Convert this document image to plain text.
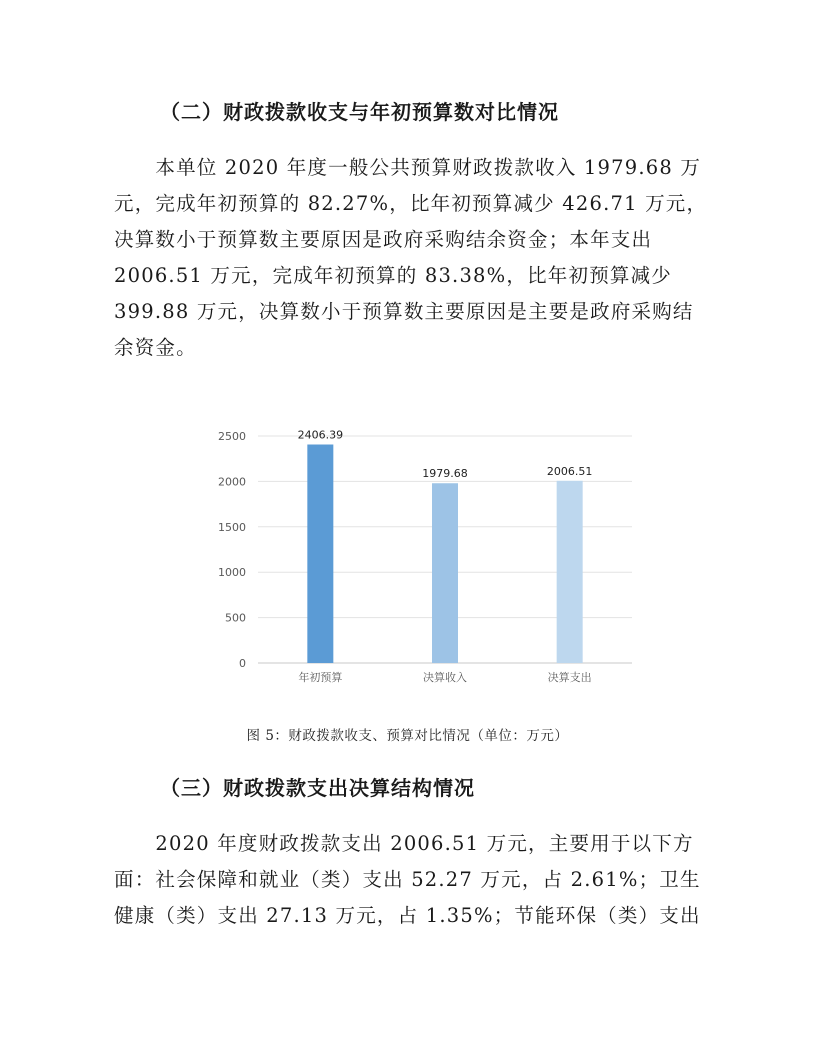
（二）财政拨款收支与年初预算数对比情况

　　本单位 2020 年度一般公共预算财政拨款收入 1979.68 万

元，完成年初预算的 82.27%，比年初预算减少 426.71 万元，

决算数小于预算数主要原因是政府采购结余资金；本年支出

2006.51 万元，完成年初预算的 83.38%，比年初预算减少

399.88 万元，决算数小于预算数主要原因是主要是政府采购结

余资金。

0
500
1000
1500
2000
2500	2406.39
年初预算
1979.68
决算收入
2006.51
决算支出
图 5：财政拨款收支、预算对比情况（单位：万元）
（三）财政拨款支出决算结构情况

　　2020 年度财政拨款支出 2006.51 万元，主要用于以下方

面：社会保障和就业（类）支出 52.27 万元，占 2.61%；卫生

健康（类）支出 27.13 万元，占 1.35%；节能环保（类）支出
